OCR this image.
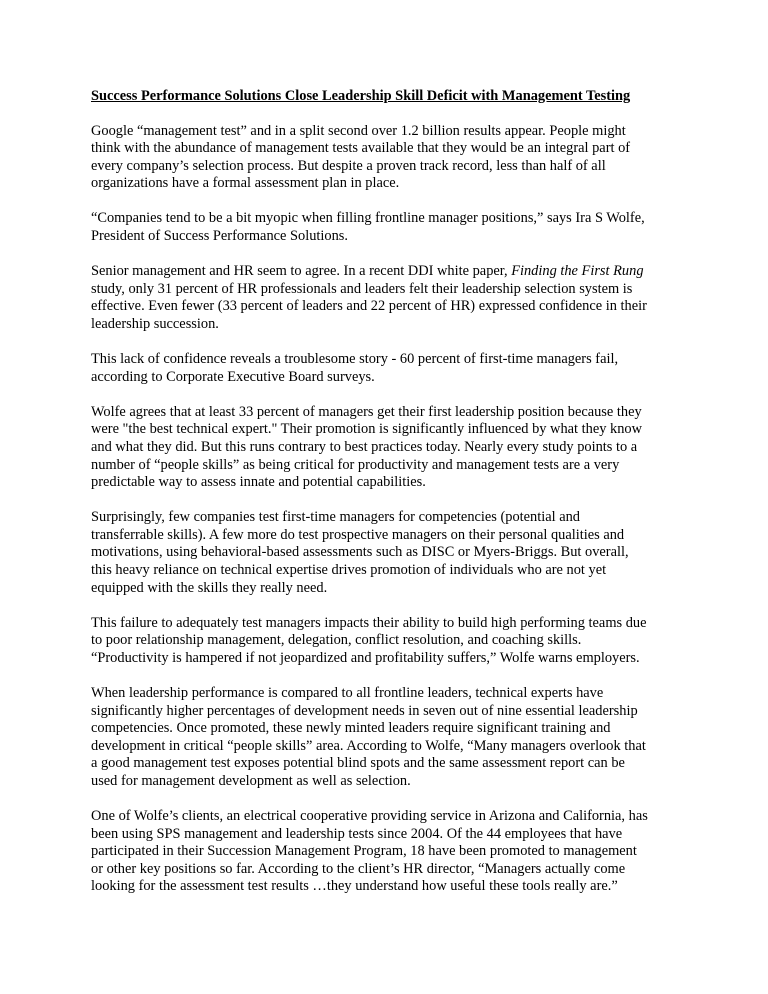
Success Performance Solutions Close Leadership Skill Deficit with Management Testing
Google “management test” and in a split second over 1.2 billion results appear. People might
think with the abundance of management tests available that they would be an integral part of
every company’s selection process. But despite a proven track record, less than half of all
organizations have a formal assessment plan in place.
“Companies tend to be a bit myopic when filling frontline manager positions,” says Ira S Wolfe,
President of Success Performance Solutions.
Senior management and HR seem to agree. In a recent DDI white paper, Finding the First Rung
study, only 31 percent of HR professionals and leaders felt their leadership selection system is
effective. Even fewer (33 percent of leaders and 22 percent of HR) expressed confidence in their
leadership succession.
This lack of confidence reveals a troublesome story - 60 percent of first-time managers fail,
according to Corporate Executive Board surveys.
Wolfe agrees that at least 33 percent of managers get their first leadership position because they
were "the best technical expert." Their promotion is significantly influenced by what they know
and what they did. But this runs contrary to best practices today. Nearly every study points to a
number of “people skills” as being critical for productivity and management tests are a very
predictable way to assess innate and potential capabilities.
Surprisingly, few companies test first-time managers for competencies (potential and
transferrable skills). A few more do test prospective managers on their personal qualities and
motivations, using behavioral-based assessments such as DISC or Myers-Briggs. But overall,
this heavy reliance on technical expertise drives promotion of individuals who are not yet
equipped with the skills they really need.
This failure to adequately test managers impacts their ability to build high performing teams due
to poor relationship management, delegation, conflict resolution, and coaching skills.
“Productivity is hampered if not jeopardized and profitability suffers,” Wolfe warns employers.
When leadership performance is compared to all frontline leaders, technical experts have
significantly higher percentages of development needs in seven out of nine essential leadership
competencies. Once promoted, these newly minted leaders require significant training and
development in critical “people skills” area. According to Wolfe, “Many managers overlook that
a good management test exposes potential blind spots and the same assessment report can be
used for management development as well as selection.
One of Wolfe’s clients, an electrical cooperative providing service in Arizona and California, has
been using SPS management and leadership tests since 2004. Of the 44 employees that have
participated in their Succession Management Program, 18 have been promoted to management
or other key positions so far. According to the client’s HR director, “Managers actually come
looking for the assessment test results …they understand how useful these tools really are.”
